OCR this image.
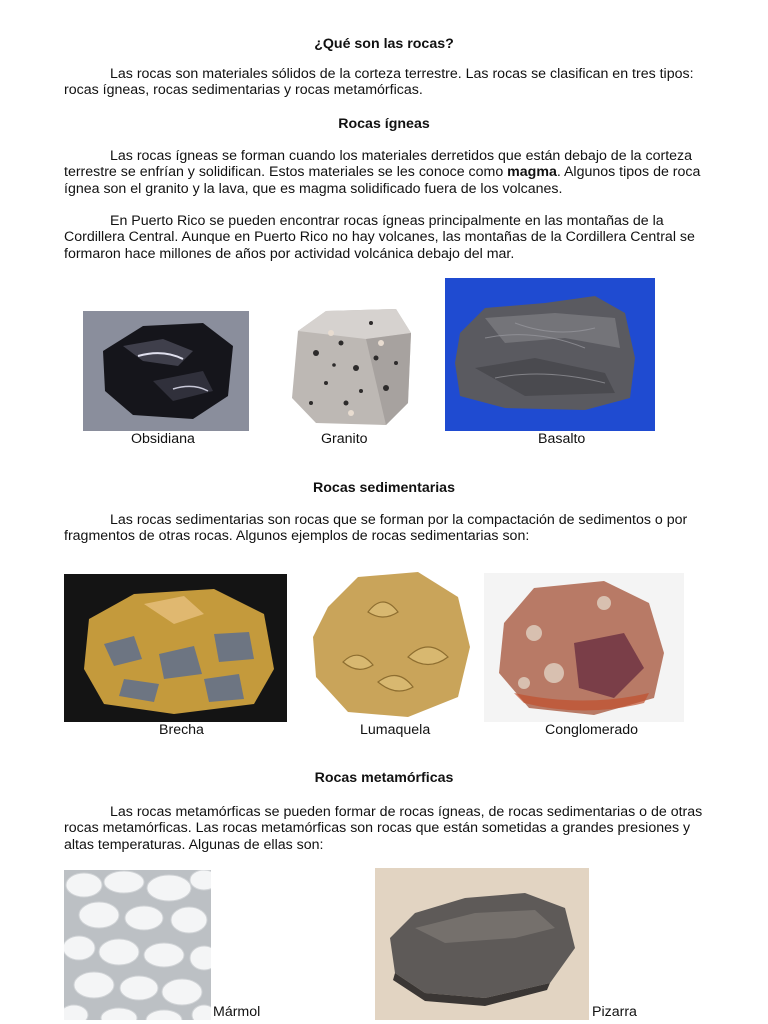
¿Qué son las rocas?

Las rocas son materiales sólidos de la corteza terrestre. Las rocas se clasifican en tres tipos: rocas ígneas, rocas sedimentarias y rocas metamórficas.

Rocas ígneas

Las rocas ígneas se forman cuando los materiales derretidos que están debajo de la corteza terrestre se enfrían y solidifican. Estos materiales se les conoce como magma. Algunos tipos de roca ígnea son el granito y la lava, que es magma solidificado fuera de los volcanes.

En Puerto Rico se pueden encontrar rocas ígneas principalmente en las montañas de la Cordillera Central. Aunque en Puerto Rico no hay volcanes, las montañas de la Cordillera Central se formaron hace millones de años por actividad volcánica debajo del mar.

Obsidiana	Granito	Basalto
Rocas sedimentarias

Las rocas sedimentarias son rocas que se forman por la compactación de sedimentos o por fragmentos de otras rocas. Algunos ejemplos de rocas sedimentarias son:

Brecha	Lumaquela	Conglomerado
Rocas metamórficas

Las rocas metamórficas se pueden formar de rocas ígneas, de rocas sedimentarias o de otras rocas metamórficas. Las rocas metamórficas son rocas que están sometidas a grandes presiones y altas temperaturas. Algunas de ellas son:

Mármol	Pizarra
